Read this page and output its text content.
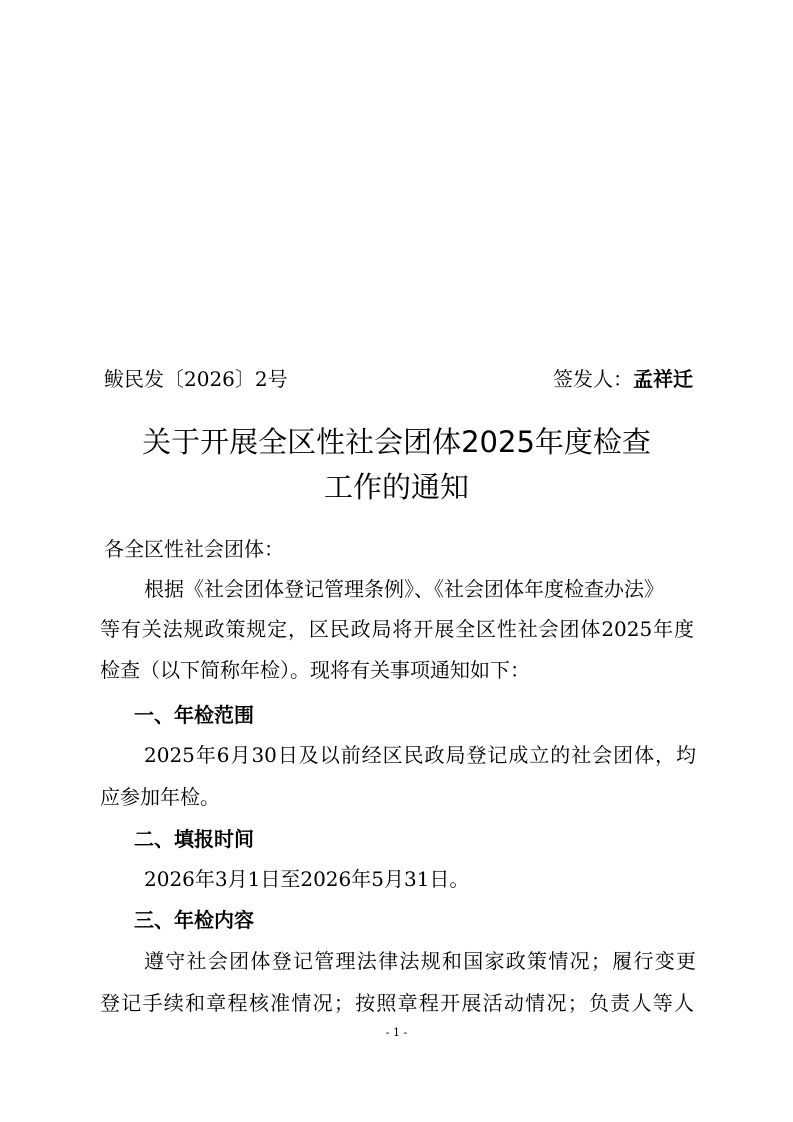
鲅民发〔2026〕2号	签发人：孟祥迁
关于开展全区性社会团体2025年度检查
工作的通知
各全区性社会团体：
根据《社会团体登记管理条例》、《社会团体年度检查办法》
等有关法规政策规定，区民政局将开展全区性社会团体2025年度
检查（以下简称年检）。现将有关事项通知如下：
一、年检范围
2025年6月30日及以前经区民政局登记成立的社会团体，均
应参加年检。
二、填报时间
2026年3月1日至2026年5月31日。
三、年检内容
遵守社会团体登记管理法律法规和国家政策情况；履行变更
登记手续和章程核准情况；按照章程开展活动情况；负责人等人
- 1 -
